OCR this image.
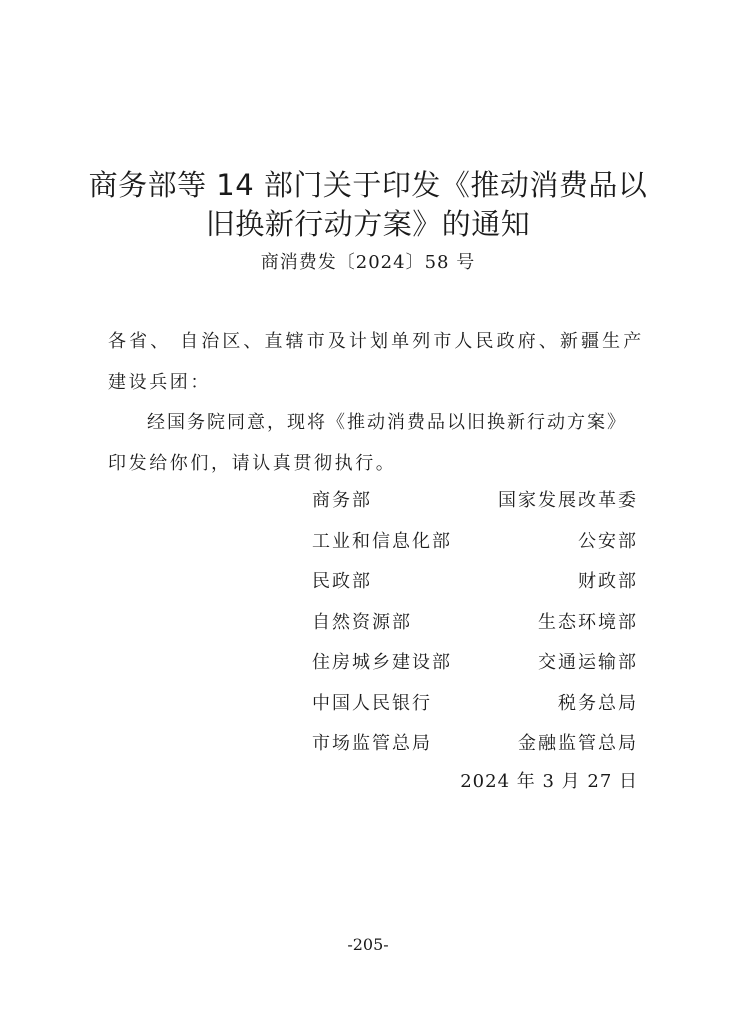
商务部等 14 部门关于印发《推动消费品以
旧换新行动方案》的通知
商消费发〔2024〕58 号
各省、 自治区、直辖市及计划单列市人民政府、新疆生产
建设兵团：
经国务院同意，现将《推动消费品以旧换新行动方案》
印发给你们，请认真贯彻执行。
商务部	国家发展改革委
工业和信息化部	公安部
民政部	财政部
自然资源部	生态环境部
住房城乡建设部	交通运输部
中国人民银行	税务总局
市场监管总局	金融监管总局
2024 年 3 月 27 日
-205-
